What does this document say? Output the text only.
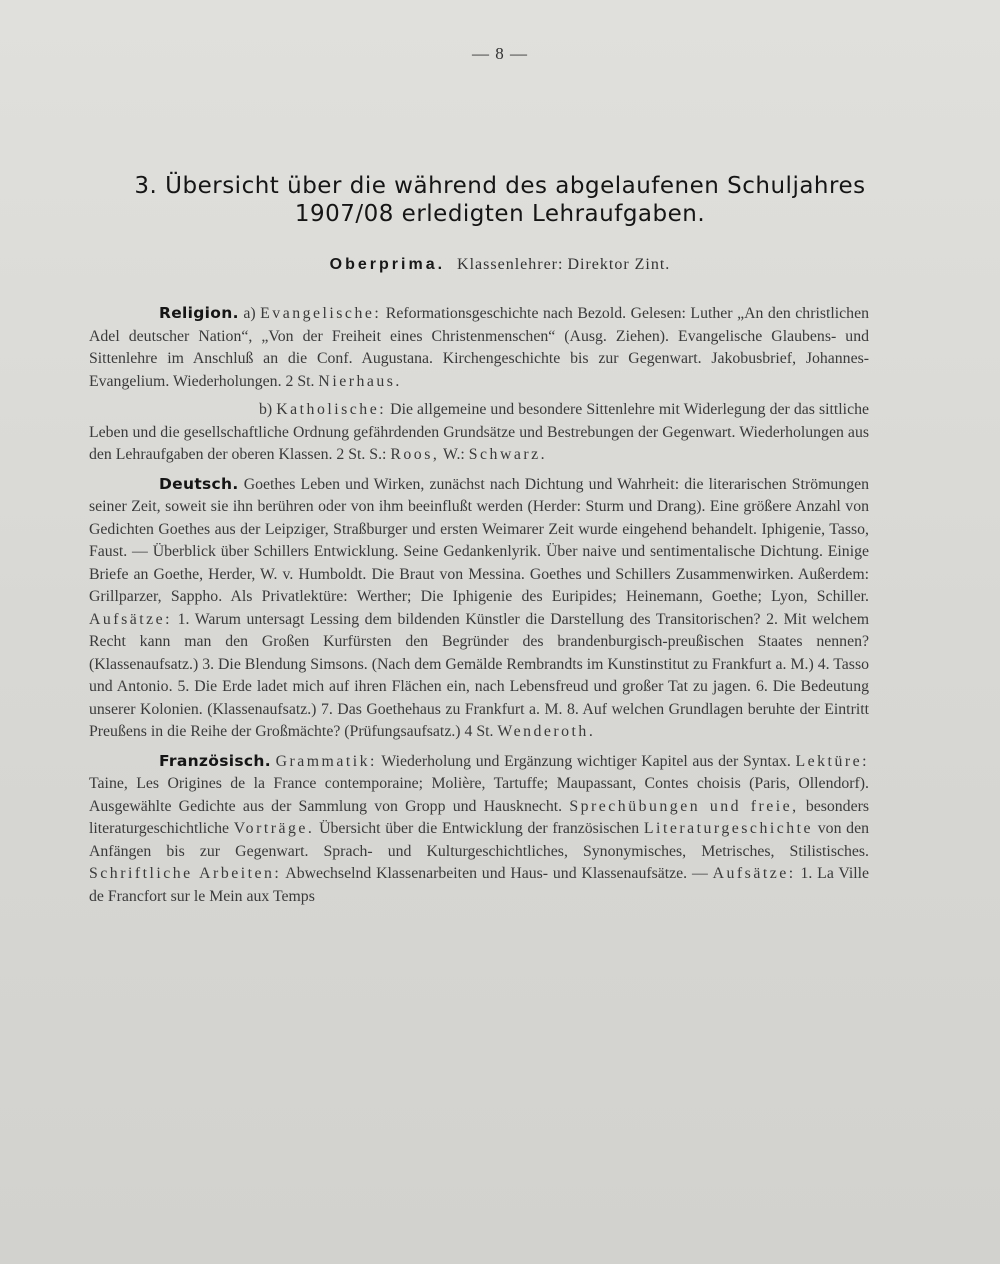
— 8 —
3. Übersicht über die während des abgelaufenen Schuljahres
1907/08 erledigten Lehraufgaben.
Oberprima. Klassenlehrer: Direktor Zint.

Religion. a) Evangelische: Reformationsgeschichte nach Bezold. Gelesen: Luther „An den christlichen Adel deutscher Nation“, „Von der Freiheit eines Christenmenschen“ (Ausg. Ziehen). Evangelische Glaubens- und Sittenlehre im Anschluß an die Conf. Augustana. Kirchengeschichte bis zur Gegenwart. Jakobusbrief, Johannes-Evangelium. Wiederholungen. 2 St. Nierhaus.

b) Katholische: Die allgemeine und besondere Sittenlehre mit Widerlegung der das sittliche Leben und die gesellschaftliche Ordnung gefährdenden Grundsätze und Bestrebungen der Gegenwart. Wiederholungen aus den Lehraufgaben der oberen Klassen. 2 St. S.: Roos, W.: Schwarz.

Deutsch. Goethes Leben und Wirken, zunächst nach Dichtung und Wahrheit: die literarischen Strömungen seiner Zeit, soweit sie ihn berühren oder von ihm beeinflußt werden (Herder: Sturm und Drang). Eine größere Anzahl von Gedichten Goethes aus der Leipziger, Straßburger und ersten Weimarer Zeit wurde eingehend behandelt. Iphigenie, Tasso, Faust. — Überblick über Schillers Entwicklung. Seine Gedankenlyrik. Über naive und sentimentalische Dichtung. Einige Briefe an Goethe, Herder, W. v. Humboldt. Die Braut von Messina. Goethes und Schillers Zusammenwirken. Außerdem: Grillparzer, Sappho. Als Privatlektüre: Werther; Die Iphigenie des Euripides; Heinemann, Goethe; Lyon, Schiller. Aufsätze: 1. Warum untersagt Lessing dem bildenden Künstler die Darstellung des Transitorischen? 2. Mit welchem Recht kann man den Großen Kurfürsten den Begründer des brandenburgisch-preußischen Staates nennen? (Klassenaufsatz.) 3. Die Blendung Simsons. (Nach dem Gemälde Rembrandts im Kunstinstitut zu Frankfurt a. M.) 4. Tasso und Antonio. 5. Die Erde ladet mich auf ihren Flächen ein, nach Lebensfreud und großer Tat zu jagen. 6. Die Bedeutung unserer Kolonien. (Klassenaufsatz.) 7. Das Goethehaus zu Frankfurt a. M. 8. Auf welchen Grundlagen beruhte der Eintritt Preußens in die Reihe der Großmächte? (Prüfungsaufsatz.) 4 St. Wenderoth.

Französisch. Grammatik: Wiederholung und Ergänzung wichtiger Kapitel aus der Syntax. Lektüre: Taine, Les Origines de la France contemporaine; Molière, Tartuffe; Maupassant, Contes choisis (Paris, Ollendorf). Ausgewählte Gedichte aus der Sammlung von Gropp und Hausknecht. Sprechübungen und freie, besonders literaturgeschichtliche Vorträge. Übersicht über die Entwicklung der französischen Literaturgeschichte von den Anfängen bis zur Gegenwart. Sprach- und Kulturgeschichtliches, Synonymisches, Metrisches, Stilistisches. Schriftliche Arbeiten: Abwechselnd Klassenarbeiten und Haus- und Klassenaufsätze. — Aufsätze: 1. La Ville de Francfort sur le Mein aux Temps
